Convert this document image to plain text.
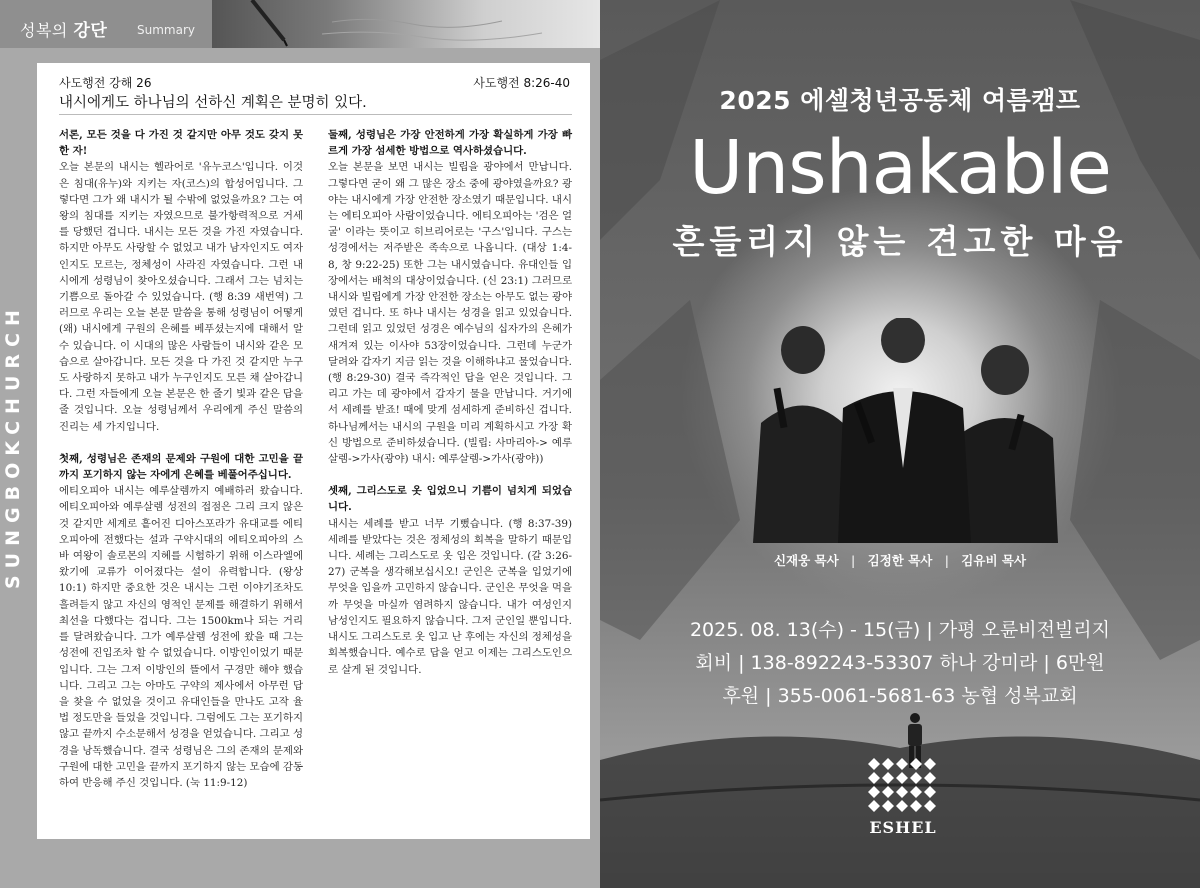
성복의 강단 Summary
SUNGBOKCHURCH
사도행전 강해 26	사도행전 8:26-40
내시에게도 하나님의 선하신 계획은 분명히 있다.
서론, 모든 것을 다 가진 것 같지만 아무 것도 갖지 못한 자!

오늘 본문의 내시는 헬라어로 '유누코스'입니다. 이것은 침대(유누)와 지키는 자(코스)의 합성어입니다. 그렇다면 그가 왜 내시가 될 수밖에 없었을까요? 그는 여왕의 침대를 지키는 자였으므로 불가항력적으로 거세를 당했던 겁니다. 내시는 모든 것을 가진 자였습니다. 하지만 아무도 사랑할 수 없었고 내가 남자인지도 여자인지도 모르는, 정체성이 사라진 자였습니다. 그런 내시에게 성령님이 찾아오셨습니다. 그래서 그는 넘치는 기쁨으로 돌아갈 수 있었습니다. (행 8:39 새번역) 그러므로 우리는 오늘 본문 말씀을 통해 성령님이 어떻게(왜) 내시에게 구원의 은혜를 베푸셨는지에 대해서 알 수 있습니다. 이 시대의 많은 사람들이 내시와 같은 모습으로 살아갑니다. 모든 것을 다 가진 것 같지만 누구도 사랑하지 못하고 내가 누구인지도 모른 채 살아갑니다. 그런 자들에게 오늘 본문은 한 줄기 빛과 같은 답을 줄 것입니다. 오늘 성령님께서 우리에게 주신 말씀의 진리는 세 가지입니다.

첫째, 성령님은 존재의 문제와 구원에 대한 고민을 끝까지 포기하지 않는 자에게 은혜를 베풀어주십니다.

에티오피아 내시는 예루살렘까지 예배하러 왔습니다. 에티오피아와 예루살렘 성전의 접점은 그리 크지 않은 것 같지만 세계로 흩어진 디아스포라가 유대교를 에티오피아에 전했다는 설과 구약시대의 에티오피아의 스바 여왕이 솔로몬의 지혜를 시험하기 위해 이스라엘에 왔기에 교류가 이어졌다는 설이 유력합니다. (왕상 10:1) 하지만 중요한 것은 내시는 그런 이야기조차도 흘려듣지 않고 자신의 영적인 문제를 해결하기 위해서 최선을 다했다는 겁니다. 그는 1500km나 되는 거리를 달려왔습니다. 그가 예루살렘 성전에 왔을 때 그는 성전에 진입조차 할 수 없었습니다. 이방인이었기 때문입니다. 그는 그저 이방인의 뜰에서 구경만 해야 했습니다. 그리고 그는 아마도 구약의 제사에서 아무런 답을 찾을 수 없었을 것이고 유대인들을 만나도 고작 율법 정도만을 들었을 것입니다. 그럼에도 그는 포기하지 않고 끝까지 수소문해서 성경을 얻었습니다. 그리고 성경을 낭독했습니다. 결국 성령님은 그의 존재의 문제와 구원에 대한 고민을 끝까지 포기하지 않는 모습에 감동하여 반응해 주신 것입니다. (눅 11:9-12)

둘째, 성령님은 가장 안전하게 가장 확실하게 가장 빠르게 가장 섬세한 방법으로 역사하셨습니다.

오늘 본문을 보면 내시는 빌립을 광야에서 만납니다. 그렇다면 굳이 왜 그 많은 장소 중에 광야였을까요? 광야는 내시에게 가장 안전한 장소였기 때문입니다. 내시는 에티오피아 사람이었습니다. 에티오피아는 '검은 얼굴' 이라는 뜻이고 히브리어로는 '구스'입니다. 구스는 성경에서는 저주받은 족속으로 나옵니다. (대상 1:4-8, 창 9:22-25) 또한 그는 내시였습니다. 유대인들 입장에서는 배척의 대상이었습니다. (신 23:1) 그러므로 내시와 빌립에게 가장 안전한 장소는 아무도 없는 광야였던 겁니다. 또 하나 내시는 성경을 읽고 있었습니다. 그런데 읽고 있었던 성경은 예수님의 십자가의 은혜가 새겨져 있는 이사야 53장이었습니다. 그런데 누군가 달려와 갑자기 지금 읽는 것을 이해하냐고 물었습니다. (행 8:29-30) 결국 즉각적인 답을 얻은 것입니다. 그리고 가는 데 광야에서 갑자기 물을 만납니다. 거기에서 세례를 받죠! 때에 맞게 섬세하게 준비하신 겁니다. 하나님께서는 내시의 구원을 미리 계획하시고 가장 확신 방법으로 준비하셨습니다. (빌립: 사마리아-> 예루살렘->가사(광야) 내시: 예루살렘->가사(광야))

셋째, 그리스도로 옷 입었으니 기쁨이 넘치게 되었습니다.

내시는 세례를 받고 너무 기뻤습니다. (행 8:37-39) 세례를 받았다는 것은 정체성의 회복을 말하기 때문입니다. 세례는 그리스도로 옷 입은 것입니다. (갈 3:26-27) 군복을 생각해보십시오! 군인은 군복을 입었기에 무엇을 입을까 고민하지 않습니다. 군인은 무엇을 먹을까 무엇을 마실까 염려하지 않습니다. 내가 여성인지 남성인지도 필요하지 않습니다. 그저 군인일 뿐입니다. 내시도 그리스도로 옷 입고 난 후에는 자신의 정체성을 회복했습니다. 예수로 답을 얻고 이제는 그리스도인으로 살게 된 것입니다.

2025 에셀청년공동체 여름캠프
Unshakable
흔들리지 않는 견고한 마음
신재웅 목사 | 김정한 목사 | 김유비 목사
2025. 08. 13(수) - 15(금) | 가평 오륜비전빌리지
회비 | 138-892243-53307 하나 강미라 | 6만원
후원 | 355-0061-5681-63 농협 성복교회
ESHEL
